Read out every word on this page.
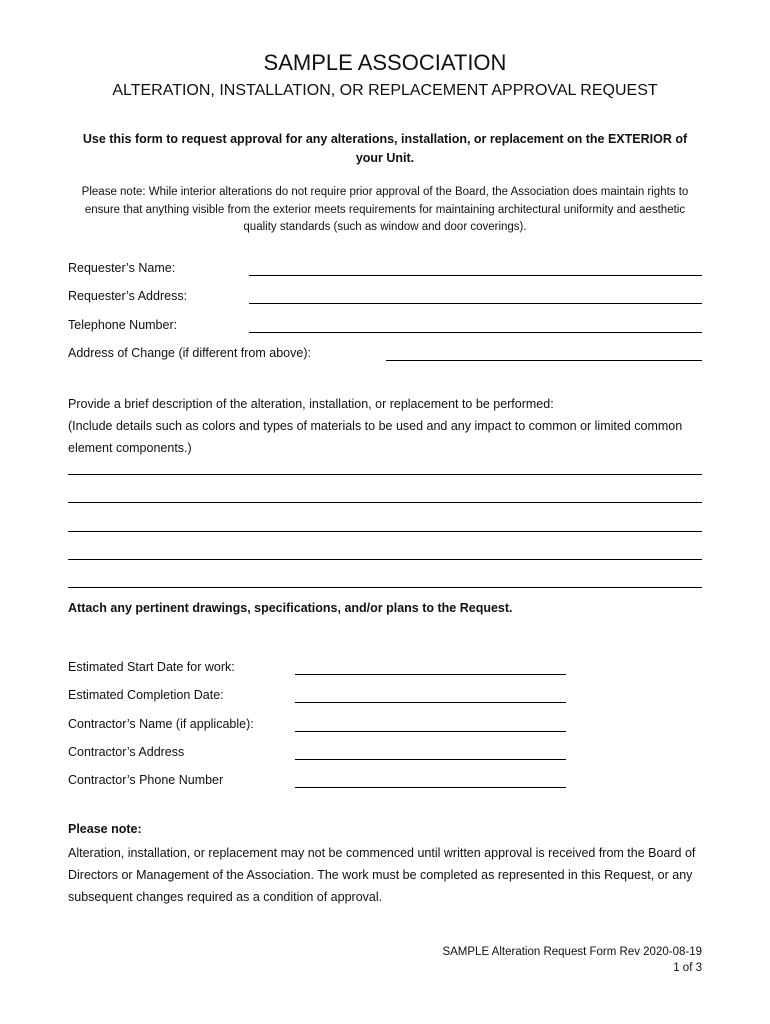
SAMPLE ASSOCIATION
ALTERATION, INSTALLATION, OR REPLACEMENT APPROVAL REQUEST
Use this form to request approval for any alterations, installation, or replacement on the EXTERIOR of your Unit.
Please note: While interior alterations do not require prior approval of the Board, the Association does maintain rights to ensure that anything visible from the exterior meets requirements for maintaining architectural uniformity and aesthetic quality standards (such as window and door coverings).
Requester’s Name:
Requester’s Address:
Telephone Number:
Address of Change (if different from above):
Provide a brief description of the alteration, installation, or replacement to be performed:
(Include details such as colors and types of materials to be used and any impact to common or limited common element components.)
Attach any pertinent drawings, specifications, and/or plans to the Request.
Estimated Start Date for work:
Estimated Completion Date:
Contractor’s Name (if applicable):
Contractor’s Address
Contractor’s Phone Number
Please note:
Alteration, installation, or replacement may not be commenced until written approval is received from the Board of Directors or Management of the Association. The work must be completed as represented in this Request, or any subsequent changes required as a condition of approval.
SAMPLE Alteration Request Form Rev 2020-08-19
1 of 3
